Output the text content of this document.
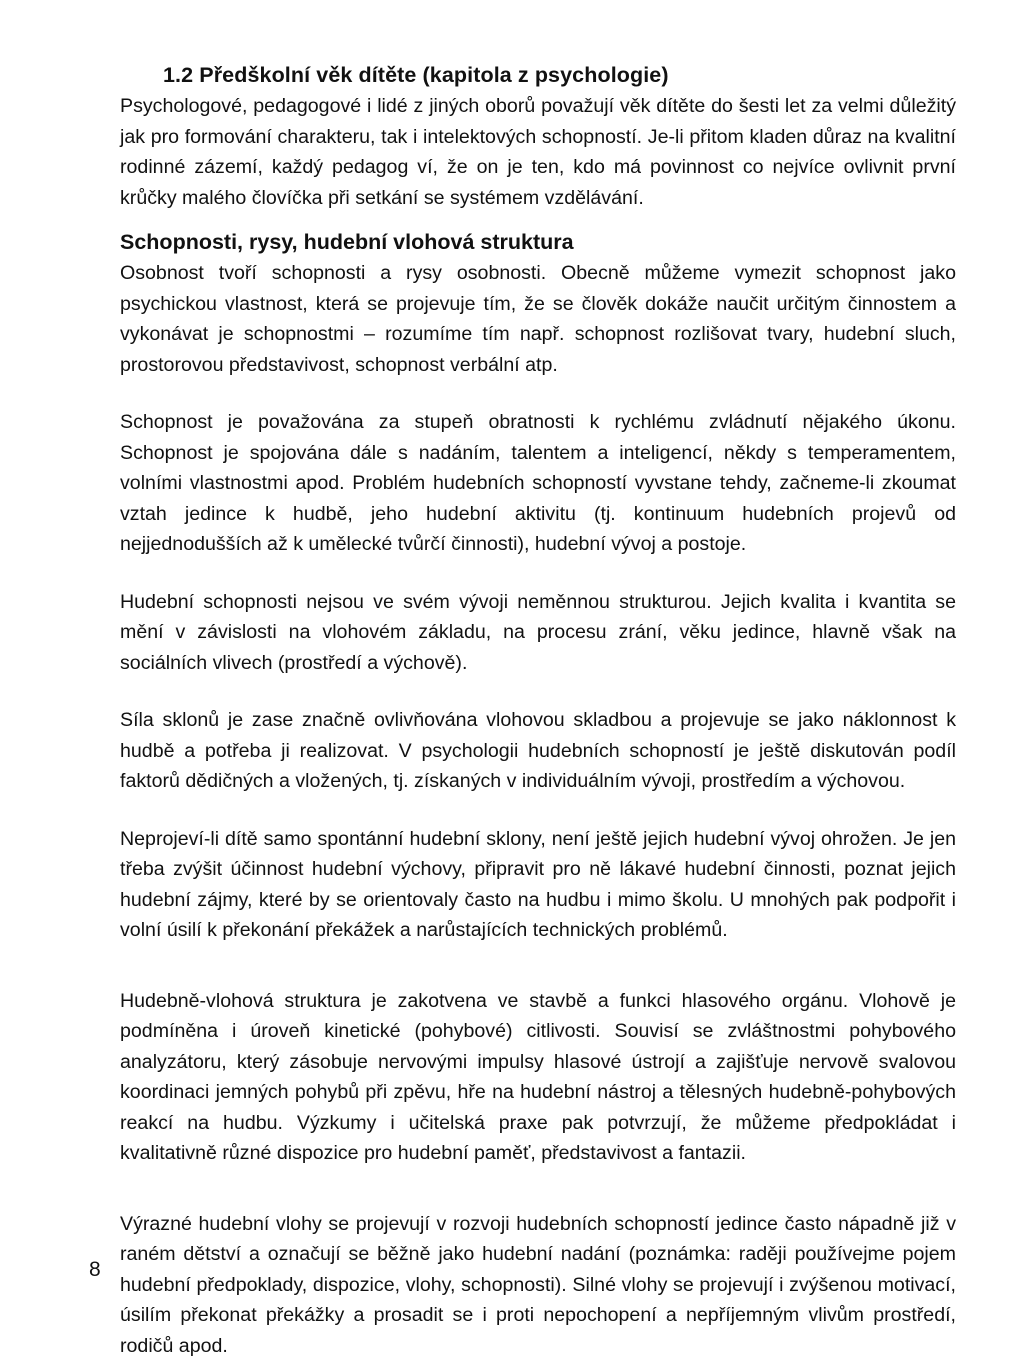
1.2 Předškolní věk dítěte (kapitola z psychologie)

Psychologové, pedagogové i lidé z jiných oborů považují věk dítěte do šesti let za velmi důležitý jak pro formování charakteru, tak i intelektových schopností. Je-li přitom kladen důraz na kvalitní rodinné zázemí, každý pedagog ví, že on je ten, kdo má povinnost co nejvíce ovlivnit první krůčky malého človíčka při setkání se systémem vzdělávání.

Schopnosti, rysy, hudební vlohová struktura

Osobnost tvoří schopnosti a rysy osobnosti. Obecně můžeme vymezit schopnost jako psychickou vlastnost, která se projevuje tím, že se člověk dokáže naučit určitým činnostem a vykonávat je schopnostmi – rozumíme tím např. schopnost rozlišovat tvary, hudební sluch, prostorovou představivost, schopnost verbální atp.

Schopnost je považována za stupeň obratnosti k rychlému zvládnutí nějakého úkonu. Schopnost je spojována dále s nadáním, talentem a inteligencí, někdy s temperamentem, volními vlastnostmi apod. Problém hudebních schopností vyvstane tehdy, začneme-li zkoumat vztah jedince k hudbě, jeho hudební aktivitu (tj. kontinuum hudebních projevů od nejjednodušších až k umělecké tvůrčí činnosti), hudební vývoj a postoje.

Hudební schopnosti nejsou ve svém vývoji neměnnou strukturou. Jejich kvalita i kvantita se mění v závislosti na vlohovém základu, na procesu zrání, věku jedince, hlavně však na sociálních vlivech (prostředí a výchově).

Síla sklonů je zase značně ovlivňována vlohovou skladbou a projevuje se jako náklonnost k hudbě a potřeba ji realizovat. V psychologii hudebních schopností je ještě diskutován podíl faktorů dědičných a vložených, tj. získaných v individuálním vývoji, prostředím a výchovou.

Neprojeví-li dítě samo spontánní hudební sklony, není ještě jejich hudební vývoj ohrožen. Je jen třeba zvýšit účinnost hudební výchovy, připravit pro ně lákavé hudební činnosti, poznat jejich hudební zájmy, které by se orientovaly často na hudbu i mimo školu. U mnohých pak podpořit i volní úsilí k překonání překážek a narůstajících technických problémů.

Hudebně-vlohová struktura je zakotvena ve stavbě a funkci hlasového orgánu. Vlohově je podmíněna i úroveň kinetické (pohybové) citlivosti. Souvisí se zvláštnostmi pohybového analyzátoru, který zásobuje nervovými impulsy hlasové ústrojí a zajišťuje nervově svalovou koordinaci jemných pohybů při zpěvu, hře na hudební nástroj a tělesných hudebně-pohybových reakcí na hudbu. Výzkumy i učitelská praxe pak potvrzují, že můžeme předpokládat i kvalitativně různé dispozice pro hudební paměť, představivost a fantazii.

Výrazné hudební vlohy se projevují v rozvoji hudebních schopností jedince často nápadně již v raném dětství a označují se běžně jako hudební nadání (poznámka: raději používejme pojem hudební předpoklady, dispozice, vlohy, schopnosti). Silné vlohy se projevují i zvýšenou motivací, úsilím překonat překážky a prosadit se i proti nepochopení a nepříjemným vlivům prostředí, rodičů apod.

8
